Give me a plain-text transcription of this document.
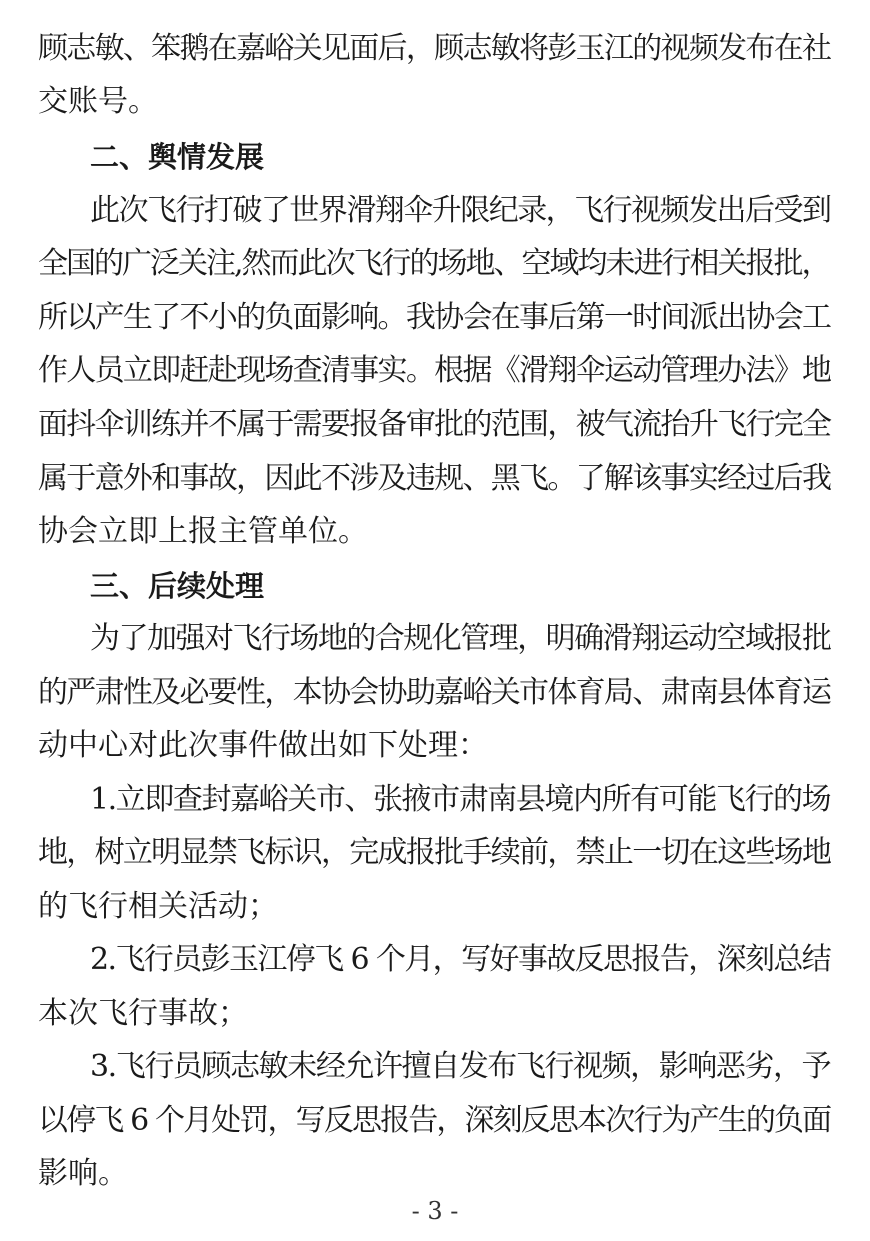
顾志敏、笨鹅在嘉峪关见面后，顾志敏将彭玉江的视频发布在社
交账号。
二、舆情发展
此次飞行打破了世界滑翔伞升限纪录，飞行视频发出后受到
全国的广泛关注,然而此次飞行的场地、空域均未进行相关报批，
所以产生了不小的负面影响。我协会在事后第一时间派出协会工
作人员立即赶赴现场查清事实。根据《滑翔伞运动管理办法》地
面抖伞训练并不属于需要报备审批的范围，被气流抬升飞行完全
属于意外和事故，因此不涉及违规、黑飞。了解该事实经过后我
协会立即上报主管单位。
三、后续处理
为了加强对飞行场地的合规化管理，明确滑翔运动空域报批
的严肃性及必要性，本协会协助嘉峪关市体育局、肃南县体育运
动中心对此次事件做出如下处理：
1.立即查封嘉峪关市、张掖市肃南县境内所有可能飞行的场
地，树立明显禁飞标识，完成报批手续前，禁止一切在这些场地
的飞行相关活动；
2.飞行员彭玉江停飞 6 个月，写好事故反思报告，深刻总结
本次飞行事故；
3.飞行员顾志敏未经允许擅自发布飞行视频，影响恶劣，予
以停飞 6 个月处罚，写反思报告，深刻反思本次行为产生的负面
影响。
- 3 -
